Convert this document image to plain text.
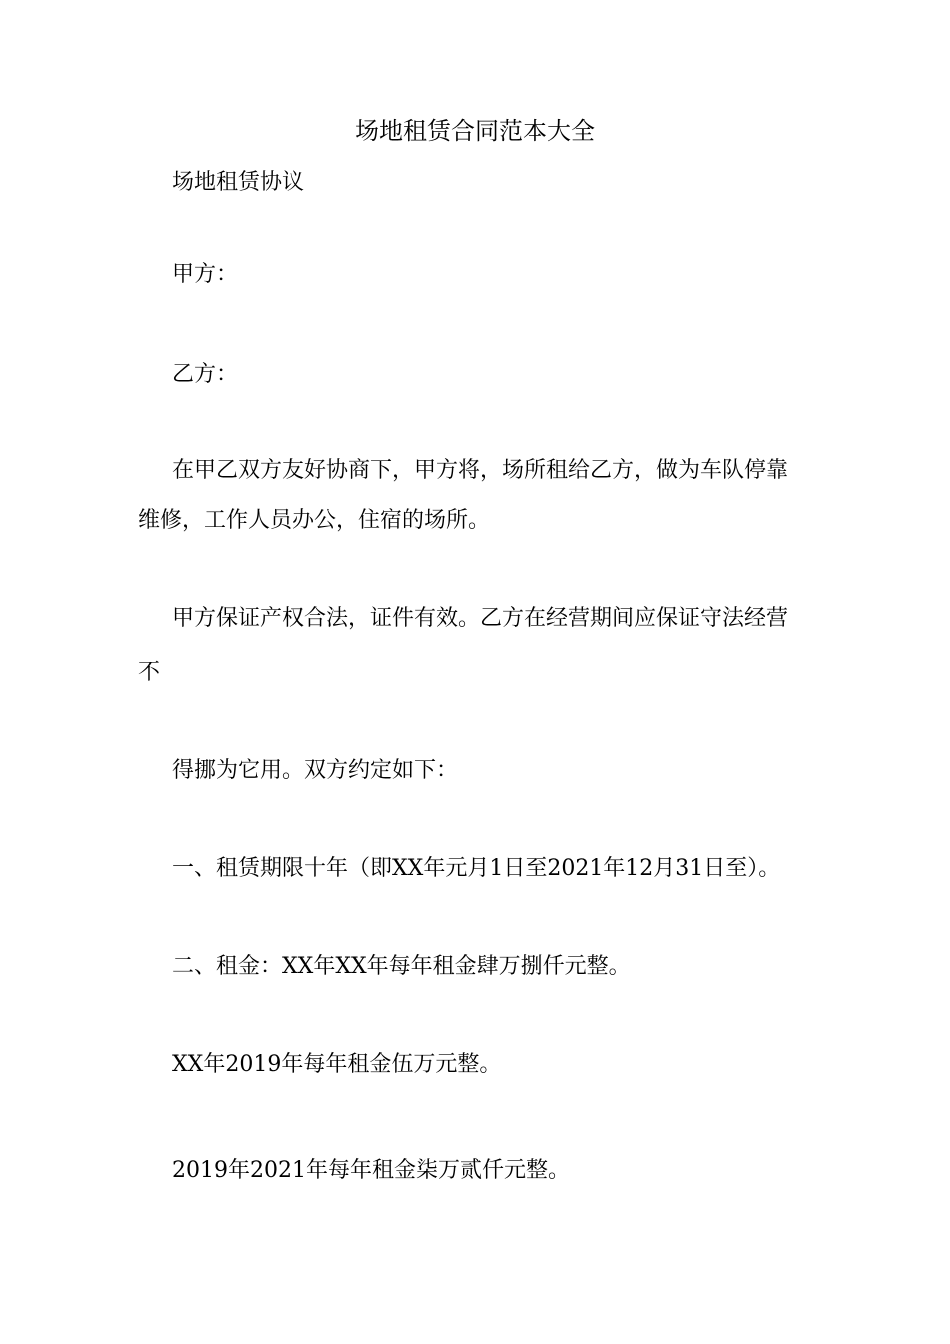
场地租赁合同范本大全
场地租赁协议
甲方：
乙方：
在甲乙双方友好协商下，甲方将，场所租给乙方，做为车队停靠
维修，工作人员办公，住宿的场所。
甲方保证产权合法，证件有效。乙方在经营期间应保证守法经营
不
得挪为它用。双方约定如下：
一、租赁期限十年（即XX年元月1日至2021年12月31日至）。
二、租金：XX年XX年每年租金肆万捌仟元整。
XX年2019年每年租金伍万元整。
2019年2021年每年租金柒万贰仟元整。
